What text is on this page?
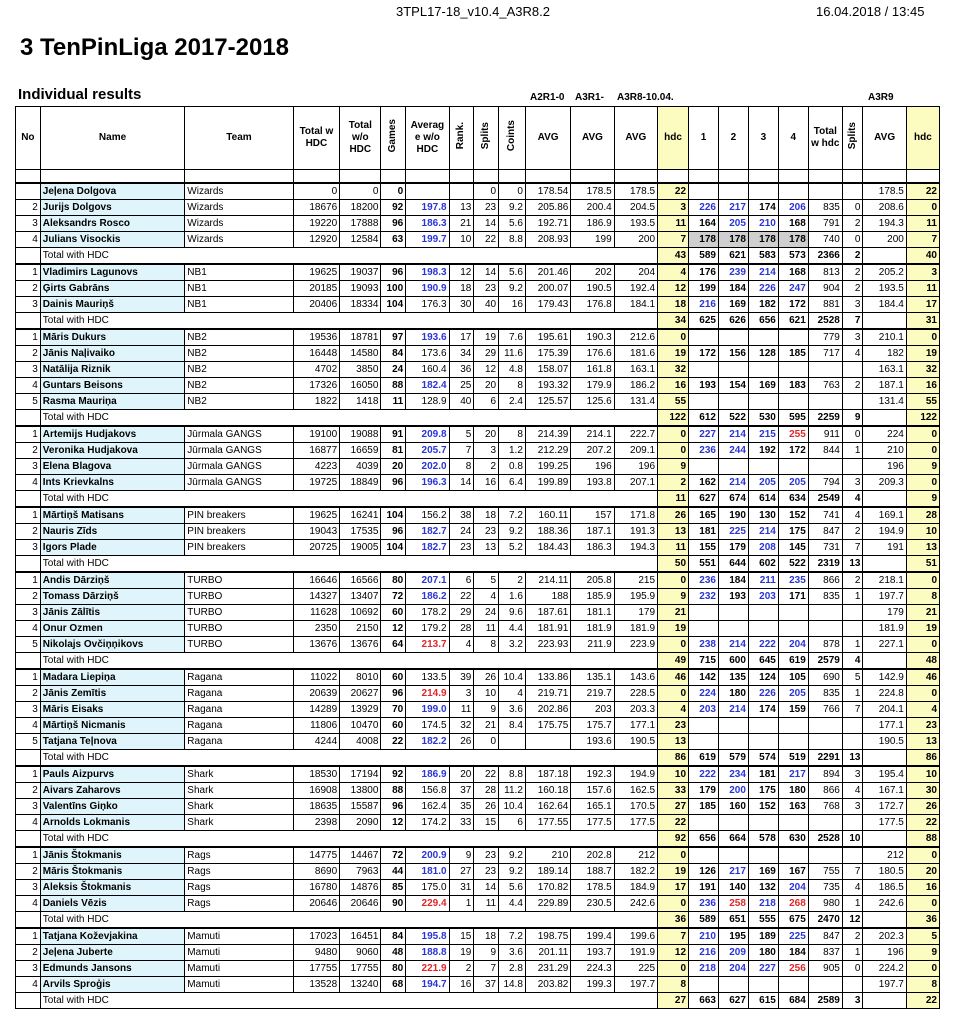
3TPL17-18_v10.4_A3R8.2	16.04.2018 / 13:45
3 TenPinLiga 2017-2018
Individual results	A2R1-0 A3R1- A3R8-10.04.	A3R9
No	Name	Team	Total w HDC	Total w/o HDC	Games	Averag e w/o HDC	Rank.	Splits	Coints	AVG	AVG	AVG	hdc	1	2	3	4	Total w hdc	Splits	AVG	hdc

	Jeļena Dolgova	Wizards	0	0	0			0	0	178.54	178.5	178.5	22							178.5	22
2	Jurijs Dolgovs	Wizards	18676	18200	92	197.8	13	23	9.2	205.86	200.4	204.5	3	226	217	174	206	835	0	208.6	0
3	Aleksandrs Rosco	Wizards	19220	17888	96	186.3	21	14	5.6	192.71	186.9	193.5	11	164	205	210	168	791	2	194.3	11
4	Julians Visockis	Wizards	12920	12584	63	199.7	10	22	8.8	208.93	199	200	7	178	178	178	178	740	0	200	7
	Total with HDC												43	589	621	583	573	2366	2		40
1	Vladimirs Lagunovs	NB1	19625	19037	96	198.3	12	14	5.6	201.46	202	204	4	176	239	214	168	813	2	205.2	3
2	Ģirts Gabrāns	NB1	20185	19093	100	190.9	18	23	9.2	200.07	190.5	192.4	12	199	184	226	247	904	2	193.5	11
3	Dainis Mauriņš	NB1	20406	18334	104	176.3	30	40	16	179.43	176.8	184.1	18	216	169	182	172	881	3	184.4	17
	Total with HDC												34	625	626	656	621	2528	7		31
1	Māris Dukurs	NB2	19536	18781	97	193.6	17	19	7.6	195.61	190.3	212.6	0					779	3	210.1	0
2	Jānis Naļivaiko	NB2	16448	14580	84	173.6	34	29	11.6	175.39	176.6	181.6	19	172	156	128	185	717	4	182	19
3	Natālija Riznik	NB2	4702	3850	24	160.4	36	12	4.8	158.07	161.8	163.1	32							163.1	32
4	Guntars Beisons	NB2	17326	16050	88	182.4	25	20	8	193.32	179.9	186.2	16	193	154	169	183	763	2	187.1	16
5	Rasma Mauriņa	NB2	1822	1418	11	128.9	40	6	2.4	125.57	125.6	131.4	55							131.4	55
	Total with HDC												122	612	522	530	595	2259	9		122
1	Artemijs Hudjakovs	Jūrmala GANGS	19100	19088	91	209.8	5	20	8	214.39	214.1	222.7	0	227	214	215	255	911	0	224	0
2	Veronika Hudjakova	Jūrmala GANGS	16877	16659	81	205.7	7	3	1.2	212.29	207.2	209.1	0	236	244	192	172	844	1	210	0
3	Elena Blagova	Jūrmala GANGS	4223	4039	20	202.0	8	2	0.8	199.25	196	196	9							196	9
4	Ints Krievkalns	Jūrmala GANGS	19725	18849	96	196.3	14	16	6.4	199.89	193.8	207.1	2	162	214	205	205	794	3	209.3	0
	Total with HDC												11	627	674	614	634	2549	4		9
1	Mārtiņš Matisans	PIN breakers	19625	16241	104	156.2	38	18	7.2	160.11	157	171.8	26	165	190	130	152	741	4	169.1	28
2	Nauris Zīds	PIN breakers	19043	17535	96	182.7	24	23	9.2	188.36	187.1	191.3	13	181	225	214	175	847	2	194.9	10
3	Igors Plade	PIN breakers	20725	19005	104	182.7	23	13	5.2	184.43	186.3	194.3	11	155	179	208	145	731	7	191	13
	Total with HDC												50	551	644	602	522	2319	13		51
1	Andis Dārziņš	TURBO	16646	16566	80	207.1	6	5	2	214.11	205.8	215	0	236	184	211	235	866	2	218.1	0
2	Tomass Dārziņš	TURBO	14327	13407	72	186.2	22	4	1.6	188	185.9	195.9	9	232	193	203	171	835	1	197.7	8
3	Jānis Zālītis	TURBO	11628	10692	60	178.2	29	24	9.6	187.61	181.1	179	21							179	21
4	Onur Ozmen	TURBO	2350	2150	12	179.2	28	11	4.4	181.91	181.9	181.9	19							181.9	19
5	Nikolajs Ovčiņņikovs	TURBO	13676	13676	64	213.7	4	8	3.2	223.93	211.9	223.9	0	238	214	222	204	878	1	227.1	0
	Total with HDC												49	715	600	645	619	2579	4		48
1	Madara Liepiņa	Ragana	11022	8010	60	133.5	39	26	10.4	133.86	135.1	143.6	46	142	135	124	105	690	5	142.9	46
2	Jānis Zemītis	Ragana	20639	20627	96	214.9	3	10	4	219.71	219.7	228.5	0	224	180	226	205	835	1	224.8	0
3	Māris Eisaks	Ragana	14289	13929	70	199.0	11	9	3.6	202.86	203	203.3	4	203	214	174	159	766	7	204.1	4
4	Mārtiņš Nicmanis	Ragana	11806	10470	60	174.5	32	21	8.4	175.75	175.7	177.1	23							177.1	23
5	Tatjana Teļnova	Ragana	4244	4008	22	182.2	26	0			193.6	190.5	13							190.5	13
	Total with HDC												86	619	579	574	519	2291	13		86
1	Pauls Aizpurvs	Shark	18530	17194	92	186.9	20	22	8.8	187.18	192.3	194.9	10	222	234	181	217	894	3	195.4	10
2	Aivars Zaharovs	Shark	16908	13800	88	156.8	37	28	11.2	160.18	157.6	162.5	33	179	200	175	180	866	4	167.1	30
3	Valentīns Giņko	Shark	18635	15587	96	162.4	35	26	10.4	162.64	165.1	170.5	27	185	160	152	163	768	3	172.7	26
4	Arnolds Lokmanis	Shark	2398	2090	12	174.2	33	15	6	177.55	177.5	177.5	22							177.5	22
	Total with HDC												92	656	664	578	630	2528	10		88
1	Jānis Štokmanis	Rags	14775	14467	72	200.9	9	23	9.2	210	202.8	212	0							212	0
2	Māris Štokmanis	Rags	8690	7963	44	181.0	27	23	9.2	189.14	188.7	182.2	19	126	217	169	167	755	7	180.5	20
3	Aleksis Štokmanis	Rags	16780	14876	85	175.0	31	14	5.6	170.82	178.5	184.9	17	191	140	132	204	735	4	186.5	16
4	Daniels Vēzis	Rags	20646	20646	90	229.4	1	11	4.4	229.89	230.5	242.6	0	236	258	218	268	980	1	242.6	0
	Total with HDC												36	589	651	555	675	2470	12		36
1	Tatjana Koževjakina	Mamuti	17023	16451	84	195.8	15	18	7.2	198.75	199.4	199.6	7	210	195	189	225	847	2	202.3	5
2	Jeļena Juberte	Mamuti	9480	9060	48	188.8	19	9	3.6	201.11	193.7	191.9	12	216	209	180	184	837	1	196	9
3	Edmunds Jansons	Mamuti	17755	17755	80	221.9	2	7	2.8	231.29	224.3	225	0	218	204	227	256	905	0	224.2	0
4	Arvils Sproģis	Mamuti	13528	13240	68	194.7	16	37	14.8	203.82	199.3	197.7	8							197.7	8
	Total with HDC												27	663	627	615	684	2589	3		22
